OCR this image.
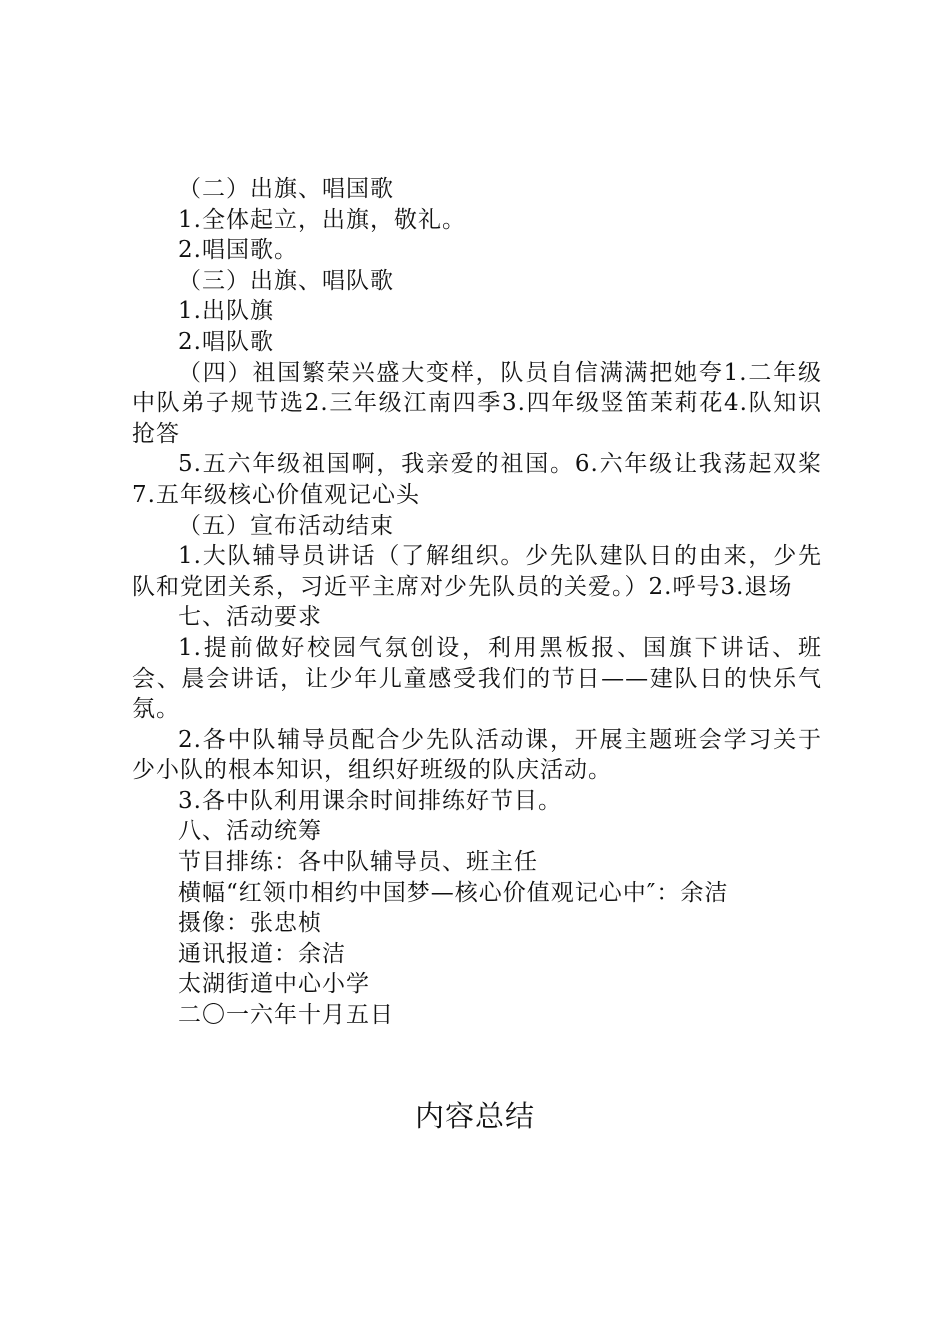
（二）出旗、唱国歌

1.全体起立，出旗，敬礼。

2.唱国歌。

（三）出旗、唱队歌

1.出队旗

2.唱队歌

（四）祖国繁荣兴盛大变样，队员自信满满把她夸1.二年级中队弟子规节选2.三年级江南四季3.四年级竖笛茉莉花4.队知识抢答

5.五六年级祖国啊，我亲爱的祖国。6.六年级让我荡起双桨7.五年级核心价值观记心头

（五）宣布活动结束

1.大队辅导员讲话（了解组织。少先队建队日的由来，少先队和党团关系，习近平主席对少先队员的关爱。）2.呼号3.退场

七、活动要求

1.提前做好校园气氛创设，利用黑板报、国旗下讲话、班会、晨会讲话，让少年儿童感受我们的节日——建队日的快乐气氛。

2.各中队辅导员配合少先队活动课，开展主题班会学习关于少小队的根本知识，组织好班级的队庆活动。

3.各中队利用课余时间排练好节目。

八、活动统筹

节目排练：各中队辅导员、班主任

横幅“红领巾相约中国梦—核心价值观记心中″：余洁

摄像：张忠桢

通讯报道：余洁

太湖街道中心小学

二〇一六年十月五日

内容总结
